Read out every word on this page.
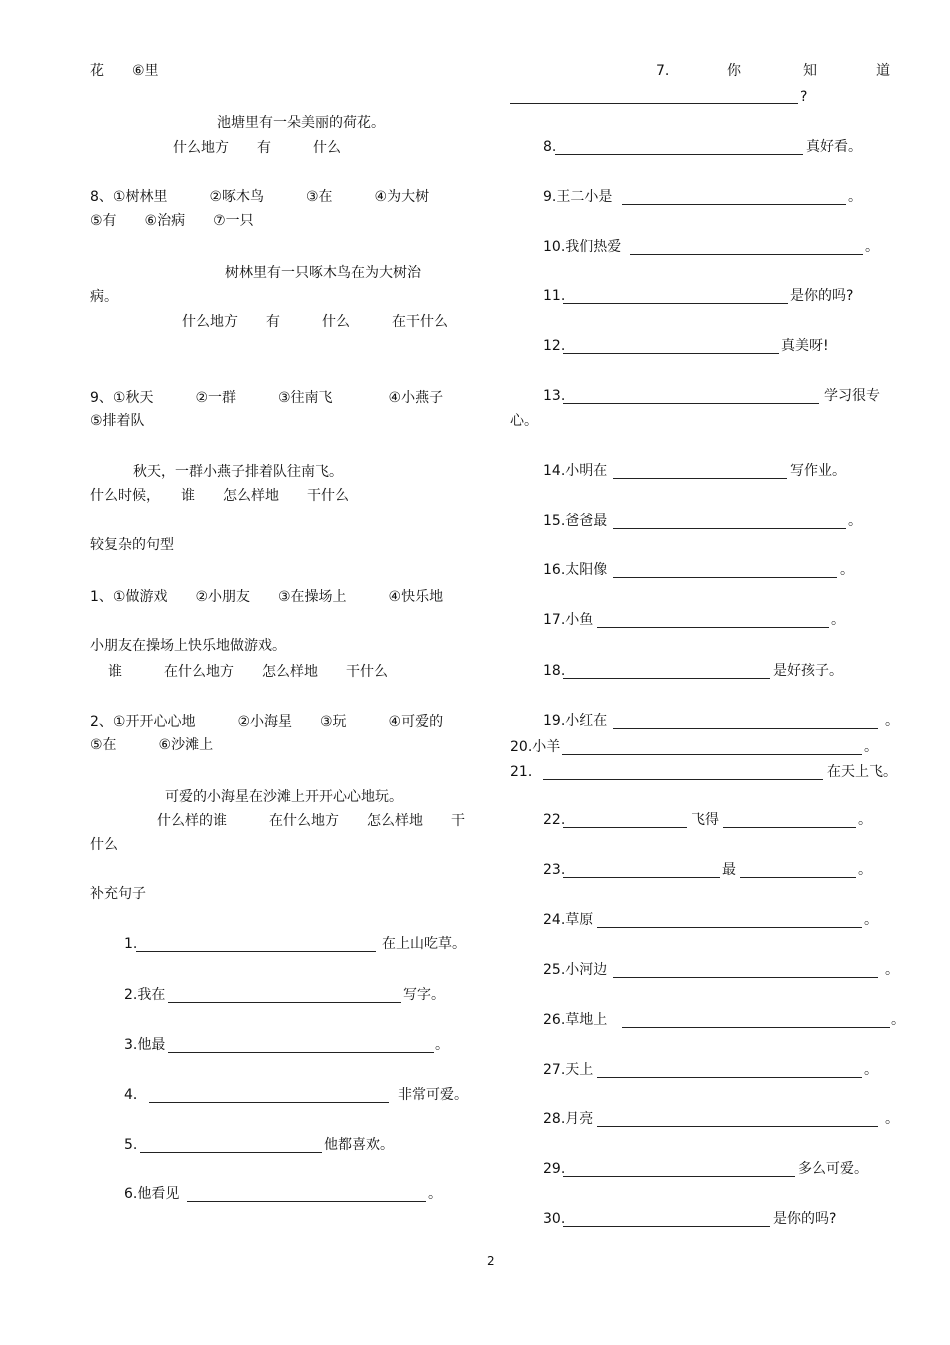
花　　⑥里
池塘里有一朵美丽的荷花。
什么地方　　有　　　什么
8、①树林里　　　②啄木鸟　　　③在　　　④为大树
⑤有　　⑥治病　　⑦一只
树林里有一只啄木鸟在为大树治
病。
什么地方　　有　　　什么　　　在干什么
9、①秋天　　　②一群　　　③往南飞　　　　④小燕子
⑤排着队
秋天，一群小燕子排着队往南飞。
什么时候，　　谁　　怎么样地　　干什么
较复杂的句型
1、①做游戏　　②小朋友　　③在操场上　　　④快乐地
小朋友在操场上快乐地做游戏。
谁　　　在什么地方　　怎么样地　　干什么
2、①开开心心地　　　②小海星　　③玩　　　④可爱的
⑤在　　　⑥沙滩上
可爱的小海星在沙滩上开开心心地玩。
什么样的谁　　　在什么地方　　怎么样地　　干
什么
补充句子
1.	在上山吃草。
2.我在	写字。
3.他最	。
4．	非常可爱。
5.	他都喜欢。
6.他看见	。
7.	你	知	道
?
8.	真好看。
9.王二小是	。
10.我们热爱	。
11.	是你的吗?
12.	真美呀!
13.	学习很专
心。
14.小明在	写作业。
15.爸爸最	。
16.太阳像	。
17.小鱼	。
18.	是好孩子。
19.小红在	。
20.小羊	。
21．	在天上飞。
22.	飞得	。
23.	最	。
24.草原	。
25.小河边	。
26.草地上	。
27.天上	。
28.月亮	。
29.	多么可爱。
30.	是你的吗?
2
